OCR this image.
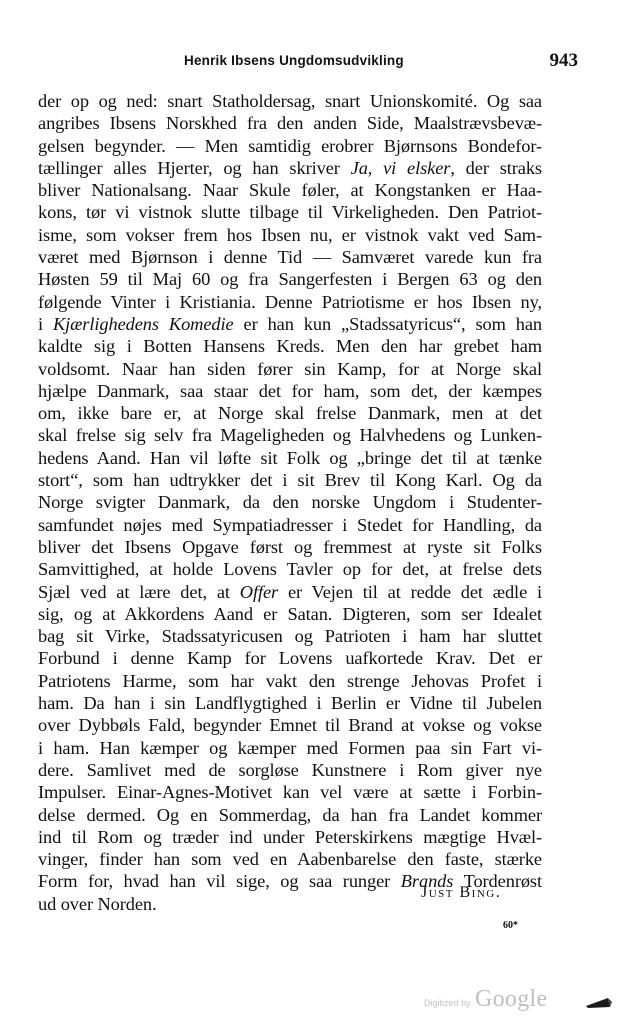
Henrik Ibsens Ungdomsudvikling	943
der op og ned: snart Statholdersag, snart Unionskomité. Og saa
angribes Ibsens Norskhed fra den anden Side, Maalstrævsbevæ-
gelsen begynder. — Men samtidig erobrer Bjørnsons Bondefor-
tællinger alles Hjerter, og han skriver Ja, vi elsker, der straks
bliver Nationalsang. Naar Skule føler, at Kongstanken er Haa-
kons, tør vi vistnok slutte tilbage til Virkeligheden. Den Patriot-
isme, som vokser frem hos Ibsen nu, er vistnok vakt ved Sam-
været med Bjørnson i denne Tid — Samværet varede kun fra
Høsten 59 til Maj 60 og fra Sangerfesten i Bergen 63 og den
følgende Vinter i Kristiania. Denne Patriotisme er hos Ibsen ny,
i Kjærlighedens Komedie er han kun „Stadssatyricus“, som han
kaldte sig i Botten Hansens Kreds. Men den har grebet ham
voldsomt. Naar han siden fører sin Kamp, for at Norge skal
hjælpe Danmark, saa staar det for ham, som det, der kæmpes
om, ikke bare er, at Norge skal frelse Danmark, men at det
skal frelse sig selv fra Mageligheden og Halvhedens og Lunken-
hedens Aand. Han vil løfte sit Folk og „bringe det til at tænke
stort“, som han udtrykker det i sit Brev til Kong Karl. Og da
Norge svigter Danmark, da den norske Ungdom i Studenter-
samfundet nøjes med Sympatiadresser i Stedet for Handling, da
bliver det Ibsens Opgave først og fremmest at ryste sit Folks
Samvittighed, at holde Lovens Tavler op for det, at frelse dets
Sjæl ved at lære det, at Offer er Vejen til at redde det ædle i
sig, og at Akkordens Aand er Satan. Digteren, som ser Idealet
bag sit Virke, Stadssatyricusen og Patrioten i ham har sluttet
Forbund i denne Kamp for Lovens uafkortede Krav. Det er
Patriotens Harme, som har vakt den strenge Jehovas Profet i
ham. Da han i sin Landflygtighed i Berlin er Vidne til Jubelen
over Dybbøls Fald, begynder Emnet til Brand at vokse og vokse
i ham. Han kæmper og kæmper med Formen paa sin Fart vi-
dere. Samlivet med de sorgløse Kunstnere i Rom giver nye
Impulser. Einar-Agnes-Motivet kan vel være at sætte i Forbin-
delse dermed. Og en Sommerdag, da han fra Landet kommer
ind til Rom og træder ind under Peterskirkens mægtige Hvæl-
vinger, finder han som ved en Aabenbarelse den faste, stærke
Form for, hvad han vil sige, og saa runger Brands Tordenrøst
ud over Norden.
Just Bing.
60*
Digitized by Google
